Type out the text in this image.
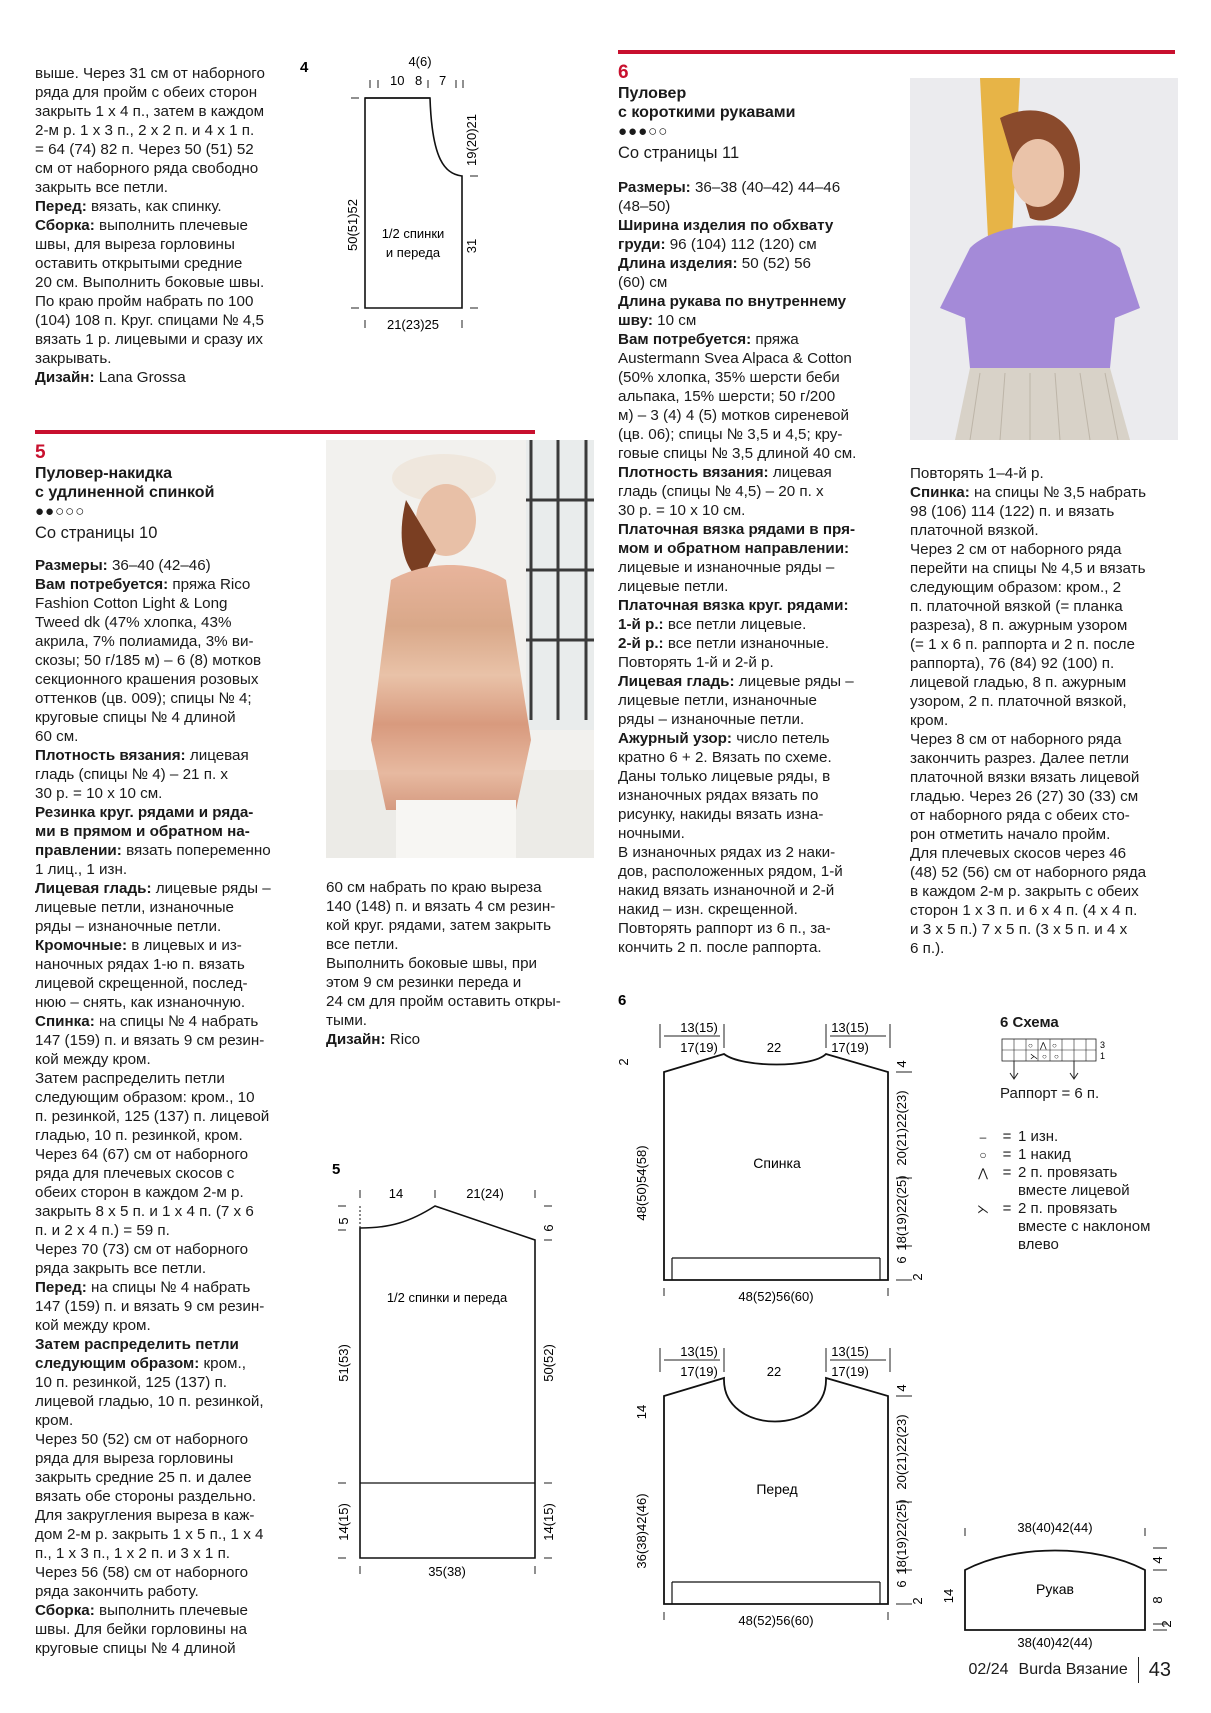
выше. Через 31 см от наборного

ряда для пройм с обеих сторон

закрыть 1 х 4 п., затем в каждом

2-м р. 1 х 3 п., 2 х 2 п. и 4 х 1 п.

= 64 (74) 82 п. Через 50 (51) 52

см от наборного ряда свободно

закрыть все петли.

Перед: вязать, как спинку.

Сборка: выполнить плечевые

швы, для выреза горловины

оставить открытыми средние

20 см. Выполнить боковые швы.

По краю пройм набрать по 100

(104) 108 п. Круг. спицами № 4,5

вязать 1 р. лицевыми и сразу их

закрывать.

Дизайн: Lana Grossa

4	4(6)
10 8 7
19(20)21
50(51)52	31
1/2 спинки
и переда
21(23)25
5
Пуловер-накидка
с удлиненной спинкой
●●○○○
Со страницы 10

Размеры: 36–40 (42–46)

Вам потребуется: пряжа Rico

Fashion Cotton Light & Long

Tweed dk (47% хлопка, 43%

акрила, 7% полиамида, 3% ви-

скозы; 50 г/185 м) – 6 (8) мотков

секционного крашения розовых

оттенков (цв. 009); спицы № 4;

круговые спицы № 4 длиной

60 см.

Плотность вязания: лицевая

гладь (спицы № 4) – 21 п. х

30 р. = 10 х 10 см.

Резинка круг. рядами и ряда-

ми в прямом и обратном на-

правлении: вязать попеременно

1 лиц., 1 изн.

Лицевая гладь: лицевые ряды –

лицевые петли, изнаночные

ряды – изнаночные петли.

Кромочные: в лицевых и из-

наночных рядах 1-ю п. вязать

лицевой скрещенной, послед-

нюю – снять, как изнаночную.

Спинка: на спицы № 4 набрать

147 (159) п. и вязать 9 см резин-

кой между кром.

Затем распределить петли

следующим образом: кром., 10

п. резинкой, 125 (137) п. лицевой

гладью, 10 п. резинкой, кром.

Через 64 (67) см от наборного

ряда для плечевых скосов с

обеих сторон в каждом 2-м р.

закрыть 8 х 5 п. и 1 х 4 п. (7 х 6

п. и 2 х 4 п.) = 59 п.

Через 70 (73) см от наборного

ряда закрыть все петли.

Перед: на спицы № 4 набрать

147 (159) п. и вязать 9 см резин-

кой между кром.

Затем распределить петли

следующим образом: кром.,

10 п. резинкой, 125 (137) п.

лицевой гладью, 10 п. резинкой,

кром.

Через 50 (52) см от наборного

ряда для выреза горловины

закрыть средние 25 п. и далее

вязать обе стороны раздельно.

Для закругления выреза в каж-

дом 2-м р. закрыть 1 х 5 п., 1 х 4

п., 1 х 3 п., 1 х 2 п. и 3 х 1 п.

Через 56 (58) см от наборного

ряда закончить работу.

Сборка: выполнить плечевые

швы. Для бейки горловины на

круговые спицы № 4 длиной

60 см набрать по краю выреза

140 (148) п. и вязать 4 см резин-

кой круг. рядами, затем закрыть

все петли.

Выполнить боковые швы, при

этом 9 см резинки переда и

24 см для пройм оставить откры-

тыми.

Дизайн: Rico

5
14	21(24)
5
6
1/2 спинки и переда
51(53)	50(52)
14(15)	14(15)
35(38)
6
Пуловер
с короткими рукавами
●●●○○
Со страницы 11

Размеры: 36–38 (40–42) 44–46

(48–50)

Ширина изделия по обхвату

груди: 96 (104) 112 (120) см

Длина изделия: 50 (52) 56

(60) см

Длина рукава по внутреннему

шву: 10 см

Вам потребуется: пряжа

Austermann Svea Alpaca & Cotton

(50% хлопка, 35% шерсти беби

альпака, 15% шерсти; 50 г/200

м) – 3 (4) 4 (5) мотков сиреневой

(цв. 06); спицы № 3,5 и 4,5; кру-

говые спицы № 3,5 длиной 40 см.

Плотность вязания: лицевая

гладь (спицы № 4,5) – 20 п. х

30 р. = 10 х 10 см.

Платочная вязка рядами в пря-

мом и обратном направлении:

лицевые и изнаночные ряды –

лицевые петли.

Платочная вязка круг. рядами:

1-й р.: все петли лицевые.

2-й р.: все петли изнаночные.

Повторять 1-й и 2-й р.

Лицевая гладь: лицевые ряды –

лицевые петли, изнаночные

ряды – изнаночные петли.

Ажурный узор: число петель

кратно 6 + 2. Вязать по схеме.

Даны только лицевые ряды, в

изнаночных рядах вязать по

рисунку, накиды вязать изна-

ночными.

В изнаночных рядах из 2 наки-

дов, расположенных рядом, 1-й

накид вязать изнаночной и 2-й

накид – изн. скрещенной.

Повторять раппорт из 6 п., за-

кончить 2 п. после раппорта.

Повторять 1–4-й р.

Спинка: на спицы № 3,5 набрать

98 (106) 114 (122) п. и вязать

платочной вязкой.

Через 2 см от наборного ряда

перейти на спицы № 4,5 и вязать

следующим образом: кром., 2

п. платочной вязкой (= планка

разреза), 8 п. ажурным узором

(= 1 х 6 п. раппорта и 2 п. после

раппорта), 76 (84) 92 (100) п.

лицевой гладью, 8 п. ажурным

узором, 2 п. платочной вязкой,

кром.

Через 8 см от наборного ряда

закончить разрез. Далее петли

платочной вязки вязать лицевой

гладью. Через 26 (27) 30 (33) см

от наборного ряда с обеих сто-

рон отметить начало пройм.

Для плечевых скосов через 46

(48) 52 (56) см от наборного ряда

в каждом 2-м р. закрыть с обеих

сторон 1 х 3 п. и 6 х 4 п. (4 х 4 п.

и 3 х 5 п.) 7 х 5 п. (3 х 5 п. и 4 х

6 п.).

6
13(15)
17(19)	22
13(15)
17(19)
2	4
20(21)22(23)
48(50)54(58)	18(19)22(25)
6
2
Спинка
48(52)56(60)
13(15)
17(19)	22
13(15)
17(19)
14
4
20(21)22(23)
36(38)42(46)	18(19)22(25)
6
2
Перед
48(52)56(60)
6 Схема
○ ⋀ ○
⋋ ○ ○
3
1
Раппорт = 6 п.
–	= 1 изн.
○	= 1 накид
⋀ = 2 п. провязать
вместе лицевой
⋋ = 2 п. провязать
вместе с наклоном
влево
38(40)42(44)
Рукав
14
4
8
2
38(40)42(44)
02/24 Burda Вязание 43
